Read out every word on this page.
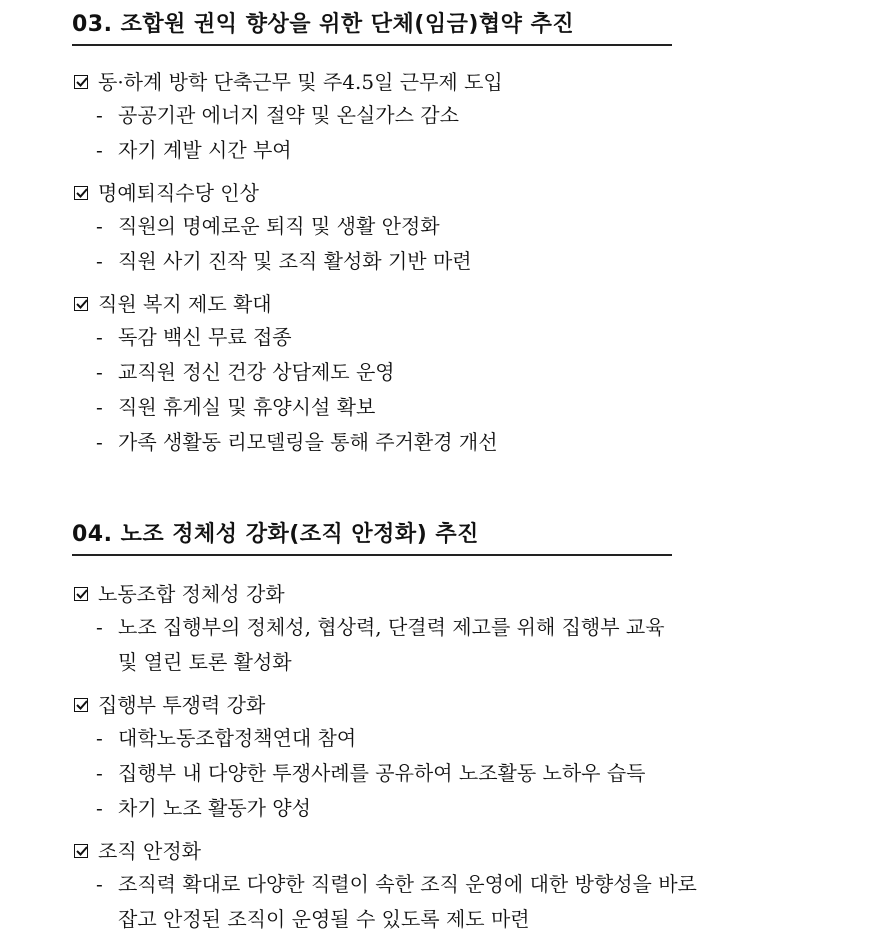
03. 조합원 권익 향상을 위한 단체(임금)협약 추진
동·하계 방학 단축근무 및 주4.5일 근무제 도입
- 공공기관 에너지 절약 및 온실가스 감소
- 자기 계발 시간 부여
명예퇴직수당 인상
- 직원의 명예로운 퇴직 및 생활 안정화
- 직원 사기 진작 및 조직 활성화 기반 마련
직원 복지 제도 확대
- 독감 백신 무료 접종
- 교직원 정신 건강 상담제도 운영
- 직원 휴게실 및 휴양시설 확보
- 가족 생활동 리모델링을 통해 주거환경 개선
04. 노조 정체성 강화(조직 안정화) 추진
노동조합 정체성 강화
- 노조 집행부의 정체성, 협상력, 단결력 제고를 위해 집행부 교육
및 열린 토론 활성화
집행부 투쟁력 강화
- 대학노동조합정책연대 참여
- 집행부 내 다양한 투쟁사례를 공유하여 노조활동 노하우 습득
- 차기 노조 활동가 양성
조직 안정화
- 조직력 확대로 다양한 직렬이 속한 조직 운영에 대한 방향성을 바로
잡고 안정된 조직이 운영될 수 있도록 제도 마련
